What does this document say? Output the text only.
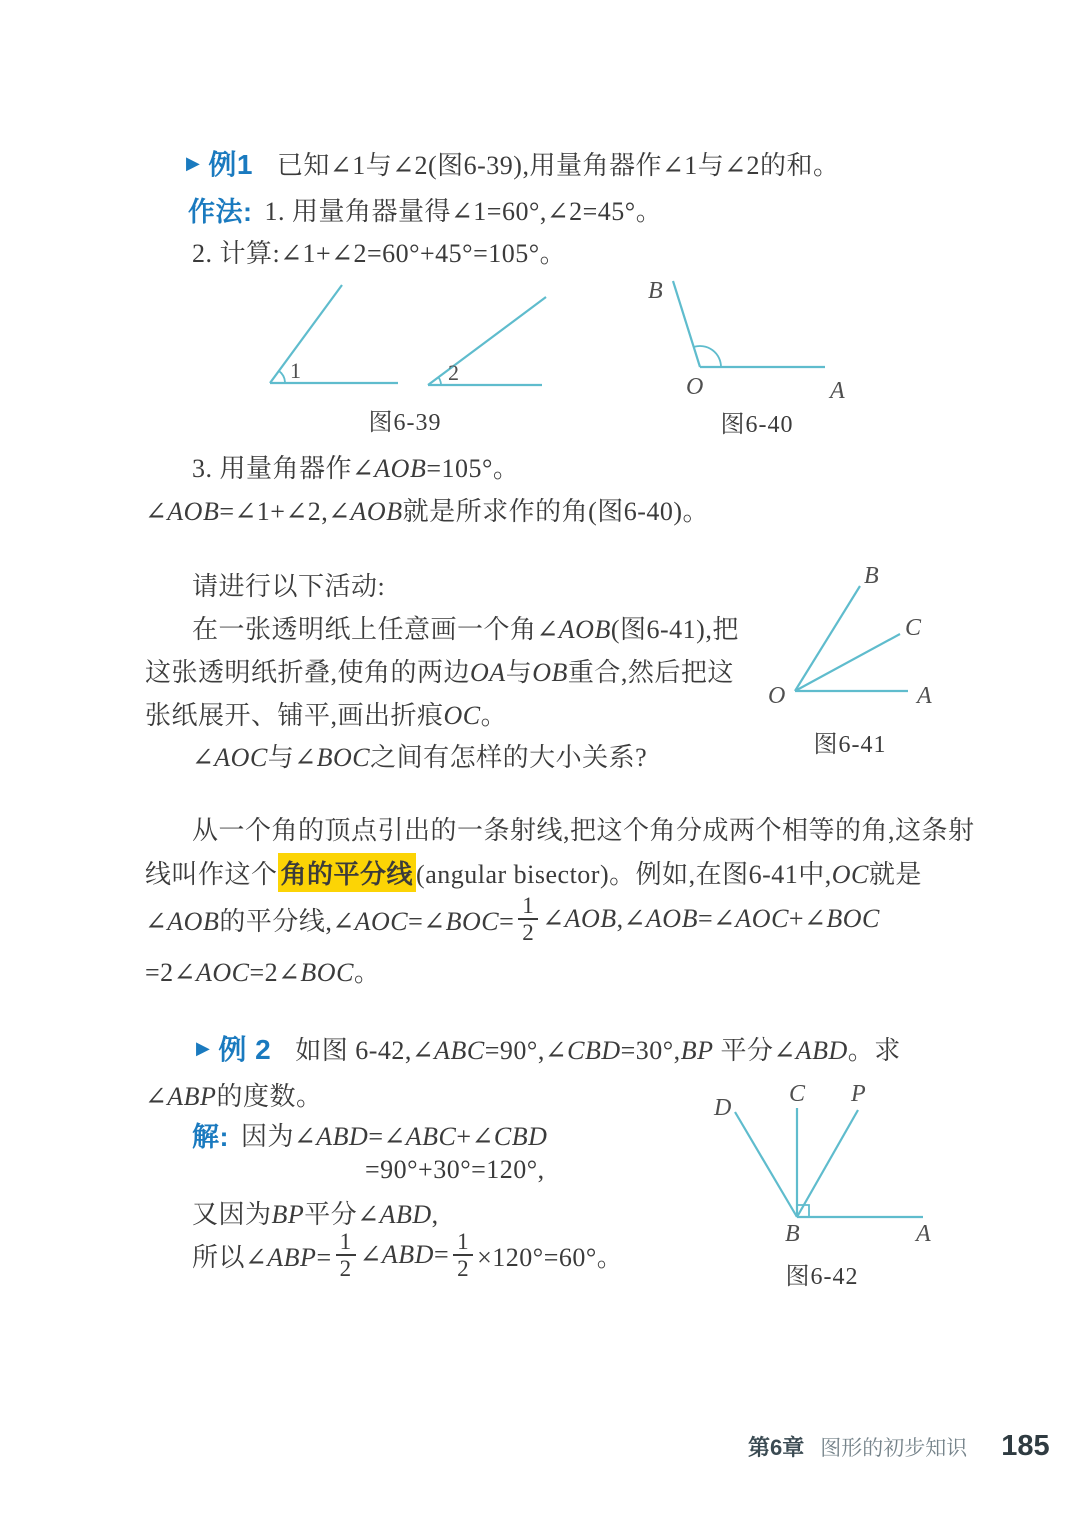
▶ 例1 已知∠1与∠2(图6-39),用量角器作∠1与∠2的和。
作法: 1. 用量角器量得∠1=60°,∠2=45°。
2. 计算:∠1+∠2=60°+45°=105°。
1	2
图6-39
B
O	A
图6-40
3. 用量角器作∠AOB=105°。
∠AOB=∠1+∠2,∠AOB就是所求作的角(图6-40)。
请进行以下活动:
在一张透明纸上任意画一个角∠AOB(图6-41),把
这张透明纸折叠,使角的两边OA与OB重合,然后把这
张纸展开、铺平,画出折痕OC。
∠AOC与∠BOC之间有怎样的大小关系?
B
C
O	A
图6-41
从一个角的顶点引出的一条射线,把这个角分成两个相等的角,这条射
线叫作这个 角的平分线 (angular bisector)。例如,在图6-41中,OC就是
∠AOB的平分线,∠AOC=∠BOC= $\frac{1}{2}$ ∠AOB,∠AOB=∠AOC+∠BOC
=2∠AOC=2∠BOC。
▶ 例 2 如图 6-42,∠ABC=90°,∠CBD=30°,BP 平分∠ABD。求
∠ABP的度数。
解: 因为∠ABD=∠ABC+∠CBD
=90°+30°=120°,
又因为BP平分∠ABD,
所以∠ABP= $\frac{1}{2}$ ∠ABD= $\frac{1}{2} \times 120^\circ=60^\circ$。
D
C P
B	A
图6-42
第6章 图形的初步知识 185
